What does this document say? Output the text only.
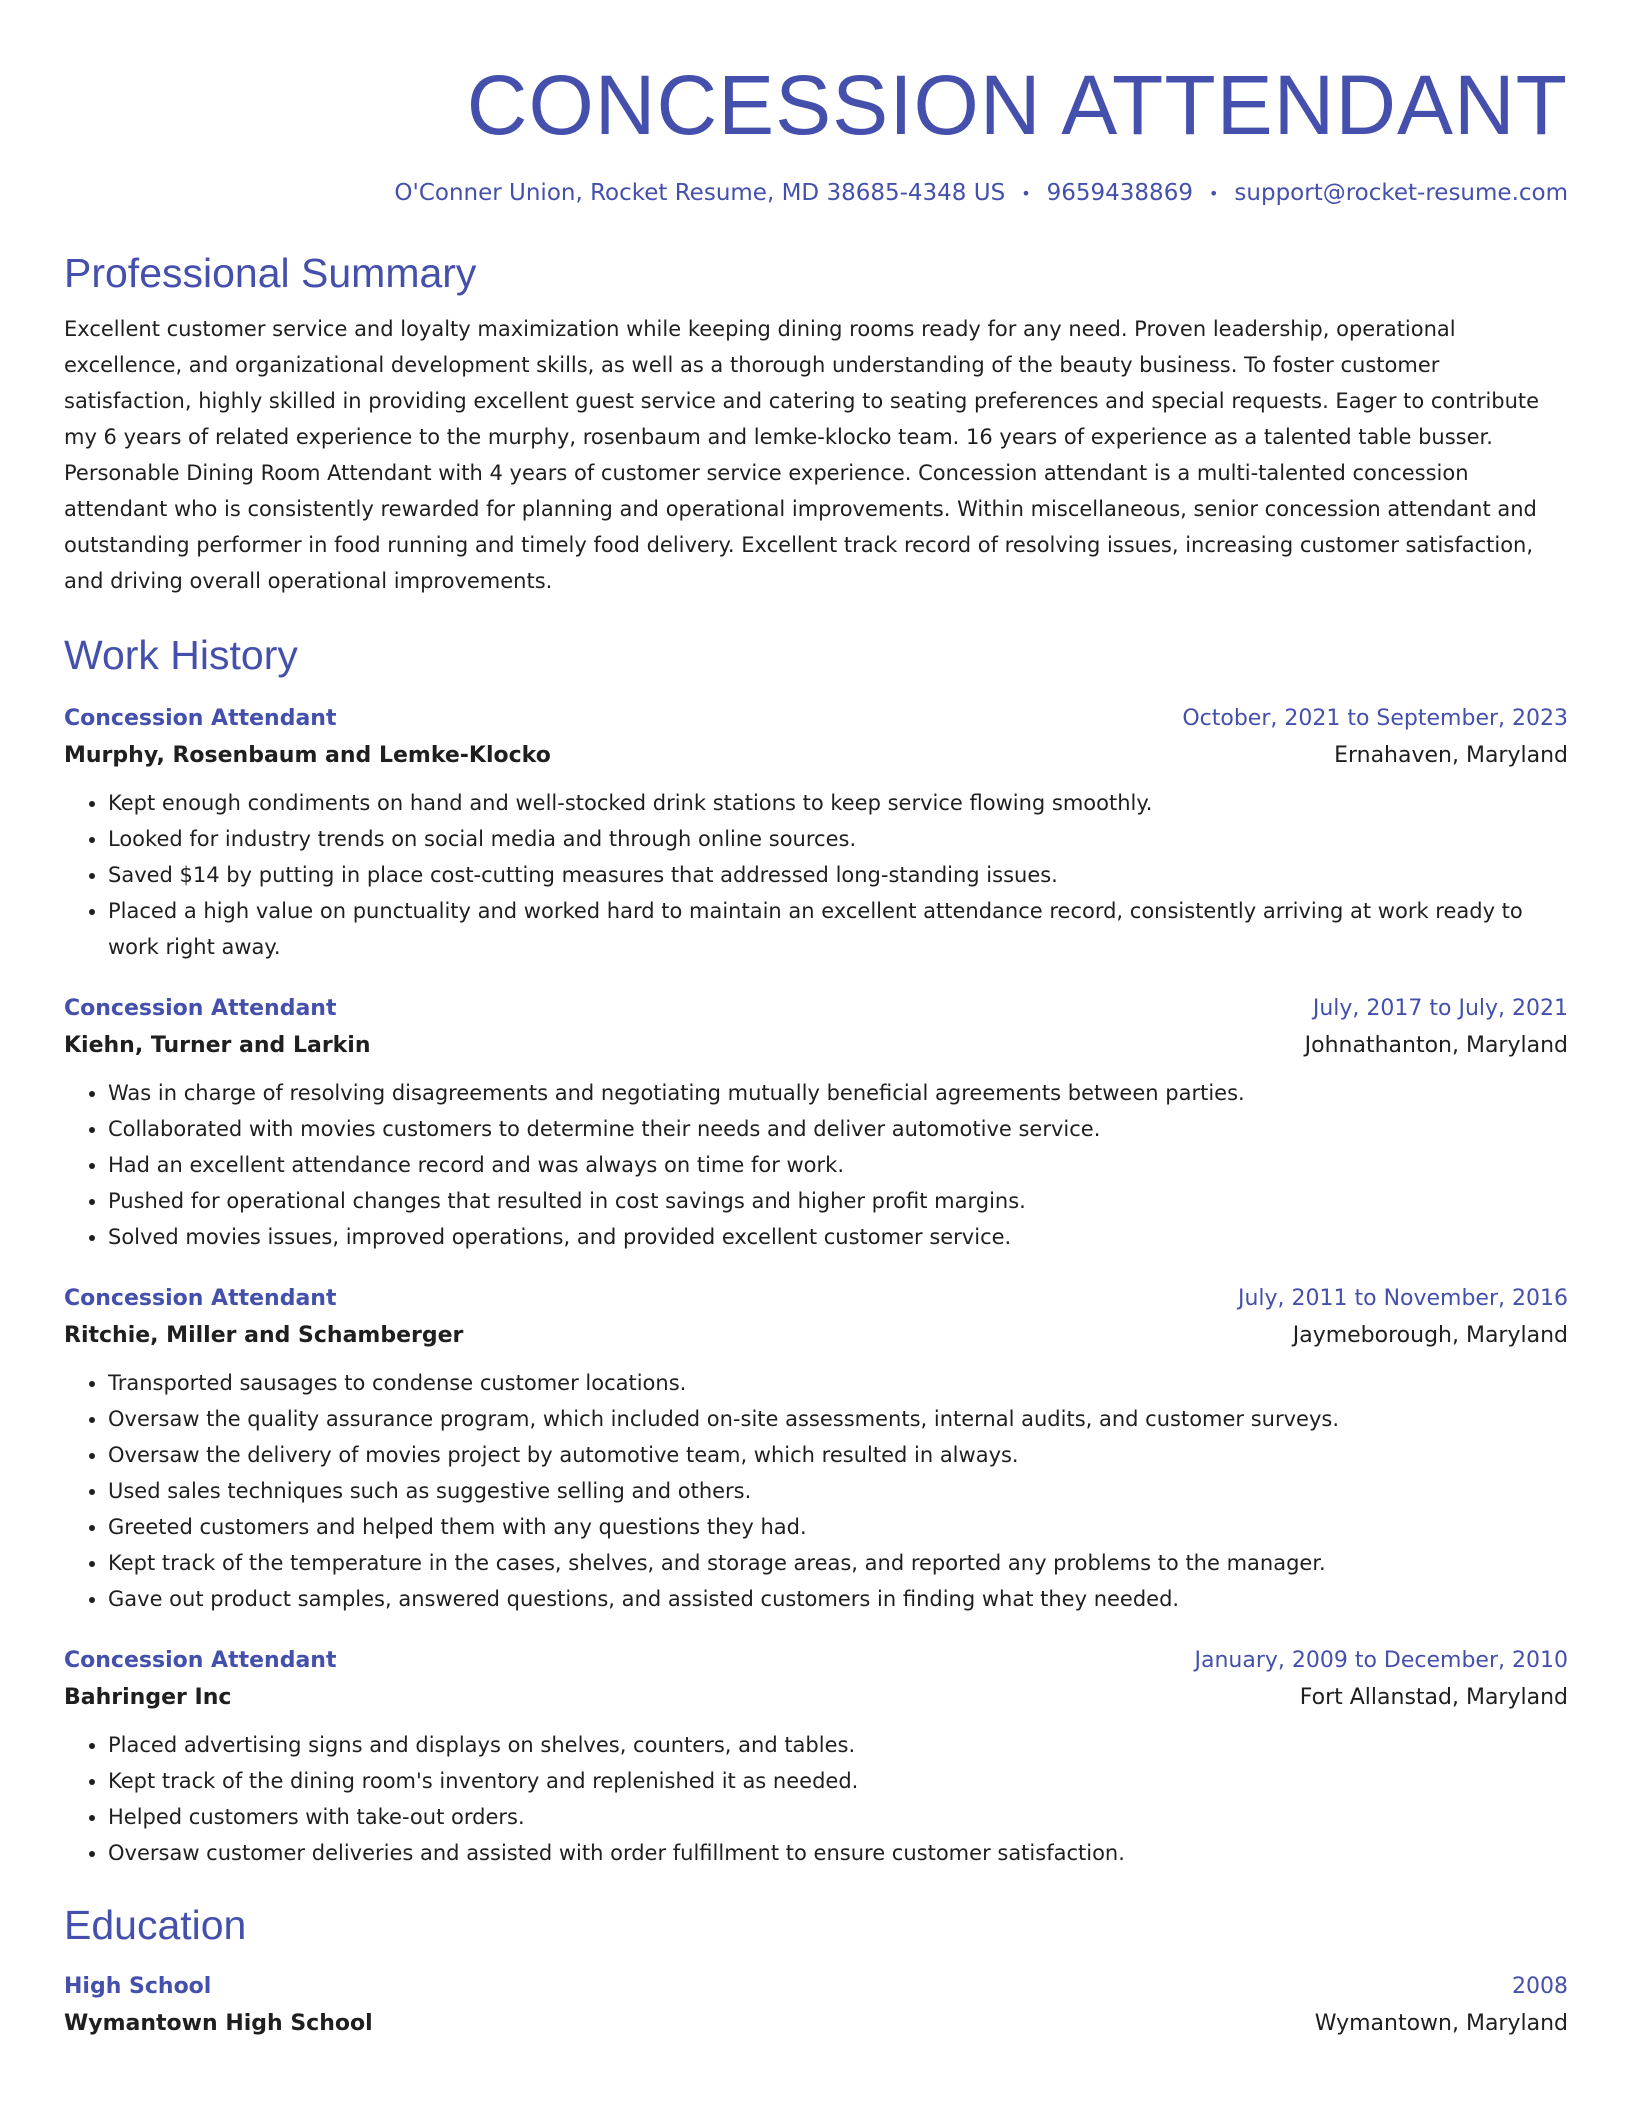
CONCESSION ATTENDANT
O'Conner Union, Rocket Resume, MD 38685-4348 US • 9659438869 • support@rocket-resume.com
Professional Summary
Excellent customer service and loyalty maximization while keeping dining rooms ready for any need. Proven leadership, operational excellence, and organizational development skills, as well as a thorough understanding of the beauty business. To foster customer satisfaction, highly skilled in providing excellent guest service and catering to seating preferences and special requests. Eager to contribute my 6 years of related experience to the murphy, rosenbaum and lemke-klocko team. 16 years of experience as a talented table busser. Personable Dining Room Attendant with 4 years of customer service experience. Concession attendant is a multi-talented concession attendant who is consistently rewarded for planning and operational improvements. Within miscellaneous, senior concession attendant and outstanding performer in food running and timely food delivery. Excellent track record of resolving issues, increasing customer satisfaction, and driving overall operational improvements.
Work History
Concession Attendant	October, 2021 to September, 2023
Murphy, Rosenbaum and Lemke-Klocko	Ernahaven, Maryland
• Kept enough condiments on hand and well-stocked drink stations to keep service flowing smoothly.
• Looked for industry trends on social media and through online sources.
• Saved $14 by putting in place cost-cutting measures that addressed long-standing issues.
• Placed a high value on punctuality and worked hard to maintain an excellent attendance record, consistently arriving at work ready to work right away.
Concession Attendant	July, 2017 to July, 2021
Kiehn, Turner and Larkin	Johnathanton, Maryland
• Was in charge of resolving disagreements and negotiating mutually beneficial agreements between parties.
• Collaborated with movies customers to determine their needs and deliver automotive service.
• Had an excellent attendance record and was always on time for work.
• Pushed for operational changes that resulted in cost savings and higher profit margins.
• Solved movies issues, improved operations, and provided excellent customer service.
Concession Attendant	July, 2011 to November, 2016
Ritchie, Miller and Schamberger	Jaymeborough, Maryland
• Transported sausages to condense customer locations.
• Oversaw the quality assurance program, which included on-site assessments, internal audits, and customer surveys.
• Oversaw the delivery of movies project by automotive team, which resulted in always.
• Used sales techniques such as suggestive selling and others.
• Greeted customers and helped them with any questions they had.
• Kept track of the temperature in the cases, shelves, and storage areas, and reported any problems to the manager.
• Gave out product samples, answered questions, and assisted customers in finding what they needed.
Concession Attendant	January, 2009 to December, 2010
Bahringer Inc	Fort Allanstad, Maryland
• Placed advertising signs and displays on shelves, counters, and tables.
• Kept track of the dining room's inventory and replenished it as needed.
• Helped customers with take-out orders.
• Oversaw customer deliveries and assisted with order fulfillment to ensure customer satisfaction.
Education
High School	2008
Wymantown High School	Wymantown, Maryland
